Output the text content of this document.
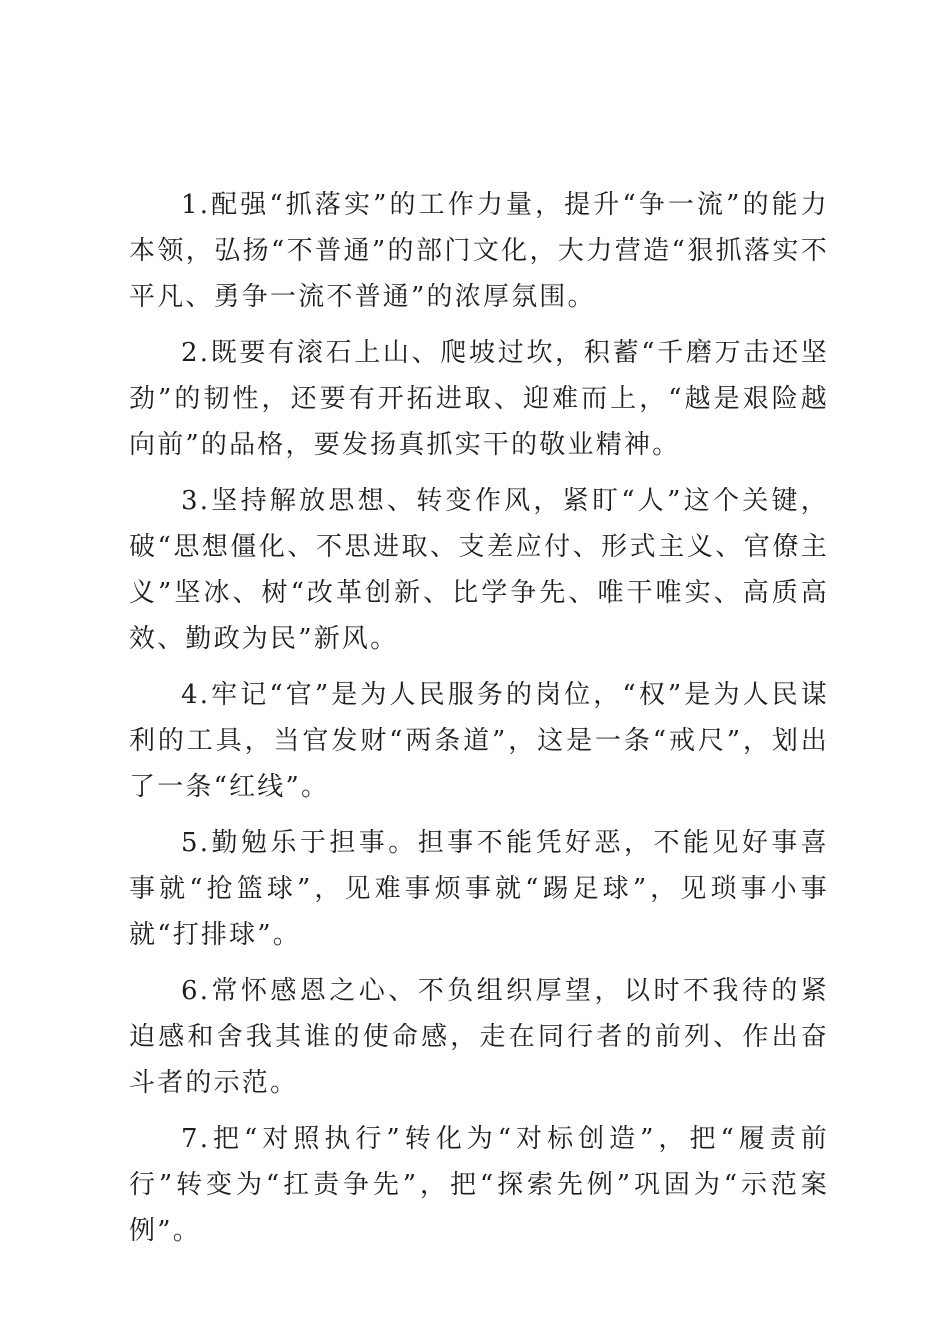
1.配强“抓落实”的工作力量，提升“争一流”的能力本领，弘扬“不普通”的部门文化，大力营造“狠抓落实不平凡、勇争一流不普通”的浓厚氛围。

2.既要有滚石上山、爬坡过坎，积蓄“千磨万击还坚劲”的韧性，还要有开拓进取、迎难而上，“越是艰险越向前”的品格，要发扬真抓实干的敬业精神。

3.坚持解放思想、转变作风，紧盯“人”这个关键，破“思想僵化、不思进取、支差应付、形式主义、官僚主义”坚冰、树“改革创新、比学争先、唯干唯实、高质高效、勤政为民”新风。

4.牢记“官”是为人民服务的岗位，“权”是为人民谋利的工具，当官发财“两条道”，这是一条“戒尺”，划出了一条“红线”。

5.勤勉乐于担事。担事不能凭好恶，不能见好事喜事就“抢篮球”，见难事烦事就“踢足球”，见琐事小事就“打排球”。

6.常怀感恩之心、不负组织厚望，以时不我待的紧迫感和舍我其谁的使命感，走在同行者的前列、作出奋斗者的示范。

7.把“对照执行”转化为“对标创造”，把“履责前行”转变为“扛责争先”，把“探索先例”巩固为“示范案例”。
